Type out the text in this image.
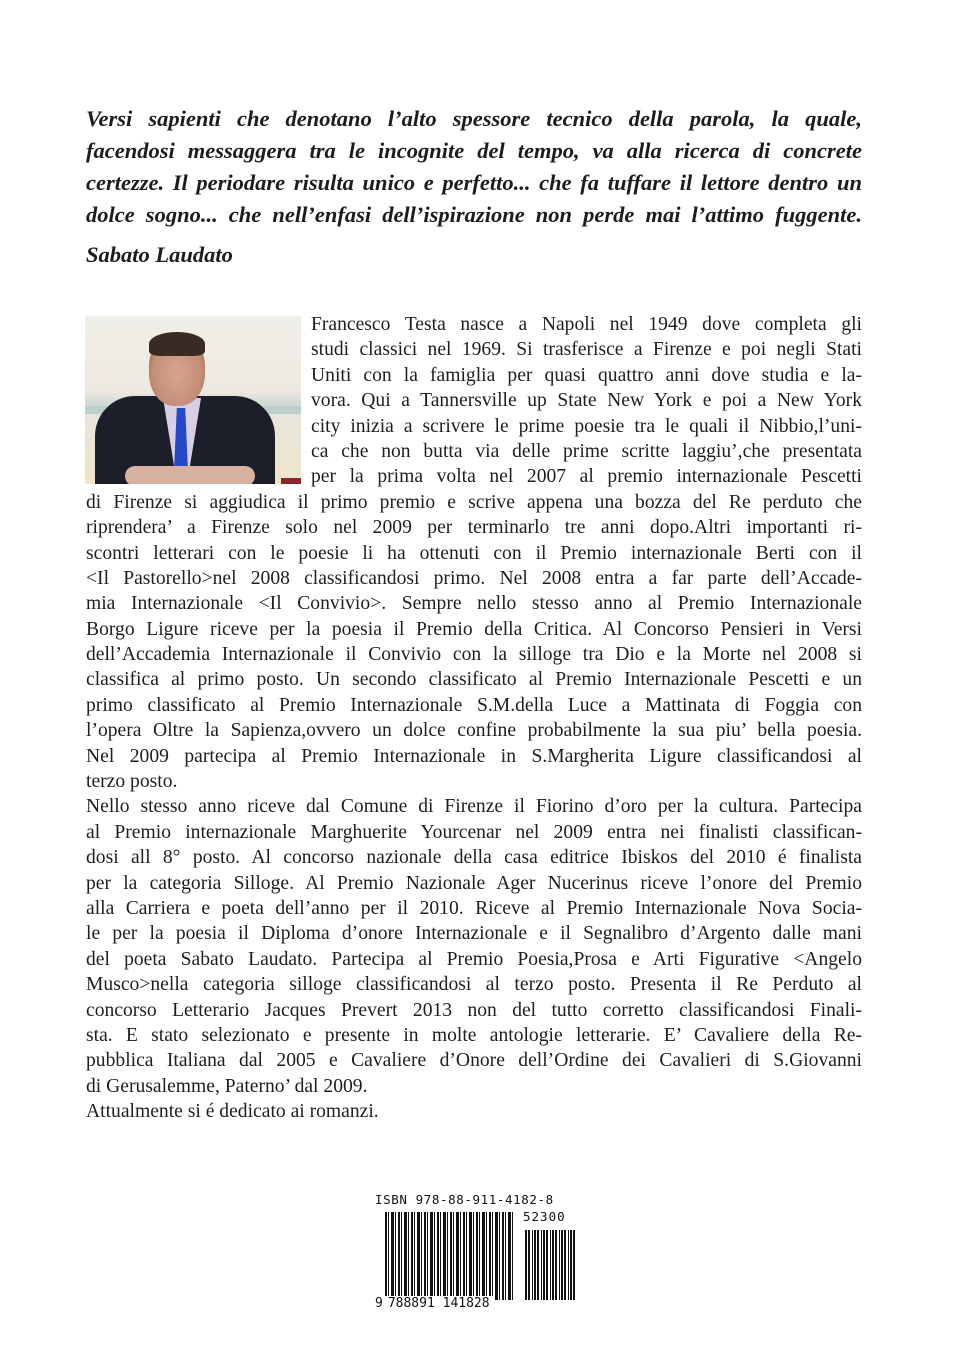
Versi sapienti che denotano l’alto spessore tecnico della parola, la quale,
facendosi messaggera tra le incognite del tempo, va alla ricerca di concrete
certezze. Il periodare risulta unico e perfetto... che fa tuffare il lettore dentro un
dolce sogno... che nell’enfasi dell’ispirazione non perde mai l’attimo fuggente.
Sabato Laudato
Francesco Testa nasce a Napoli nel 1949 dove completa gli
studi classici nel 1969. Si trasferisce a Firenze e poi negli Stati
Uniti con la famiglia per quasi quattro anni dove studia e la-
vora. Qui a Tannersville up State New York e poi a New York
city inizia a scrivere le prime poesie tra le quali il Nibbio,l’uni-
ca che non butta via delle prime scritte laggiu’,che presentata
per la prima volta nel 2007 al premio internazionale Pescetti
di Firenze si aggiudica il primo premio e scrive appena una bozza del Re perduto che
riprendera’ a Firenze solo nel 2009 per terminarlo tre anni dopo.Altri importanti ri-
scontri letterari con le poesie li ha ottenuti con il Premio internazionale Berti con il
<Il Pastorello>nel 2008 classificandosi primo. Nel 2008 entra a far parte dell’Accade-
mia Internazionale <Il Convivio>. Sempre nello stesso anno al Premio Internazionale
Borgo Ligure riceve per la poesia il Premio della Critica. Al Concorso Pensieri in Versi
dell’Accademia Internazionale il Convivio con la silloge tra Dio e la Morte nel 2008 si
classifica al primo posto. Un secondo classificato al Premio Internazionale Pescetti e un
primo classificato al Premio Internazionale S.M.della Luce a Mattinata di Foggia con
l’opera Oltre la Sapienza,ovvero un dolce confine probabilmente la sua piu’ bella poesia.
Nel 2009 partecipa al Premio Internazionale in S.Margherita Ligure classificandosi al
terzo posto.
Nello stesso anno riceve dal Comune di Firenze il Fiorino d’oro per la cultura. Partecipa
al Premio internazionale Marghuerite Yourcenar nel 2009 entra nei finalisti classifican-
dosi all 8° posto. Al concorso nazionale della casa editrice Ibiskos del 2010 é finalista
per la categoria Silloge. Al Premio Nazionale Ager Nucerinus riceve l’onore del Premio
alla Carriera e poeta dell’anno per il 2010. Riceve al Premio Internazionale Nova Socia-
le per la poesia il Diploma d’onore Internazionale e il Segnalibro d’Argento dalle mani
del poeta Sabato Laudato. Partecipa al Premio Poesia,Prosa e Arti Figurative <Angelo
Musco>nella categoria silloge classificandosi al terzo posto. Presenta il Re Perduto al
concorso Letterario Jacques Prevert 2013 non del tutto corretto classificandosi Finali-
sta. E stato selezionato e presente in molte antologie letterarie. E’ Cavaliere della Re-
pubblica Italiana dal 2005 e Cavaliere d’Onore dell’Ordine dei Cavalieri di S.Giovanni
di Gerusalemme, Paterno’ dal 2009.
Attualmente si é dedicato ai romanzi.
ISBN 978-88-911-4182-8
52300
9 788891 141828
